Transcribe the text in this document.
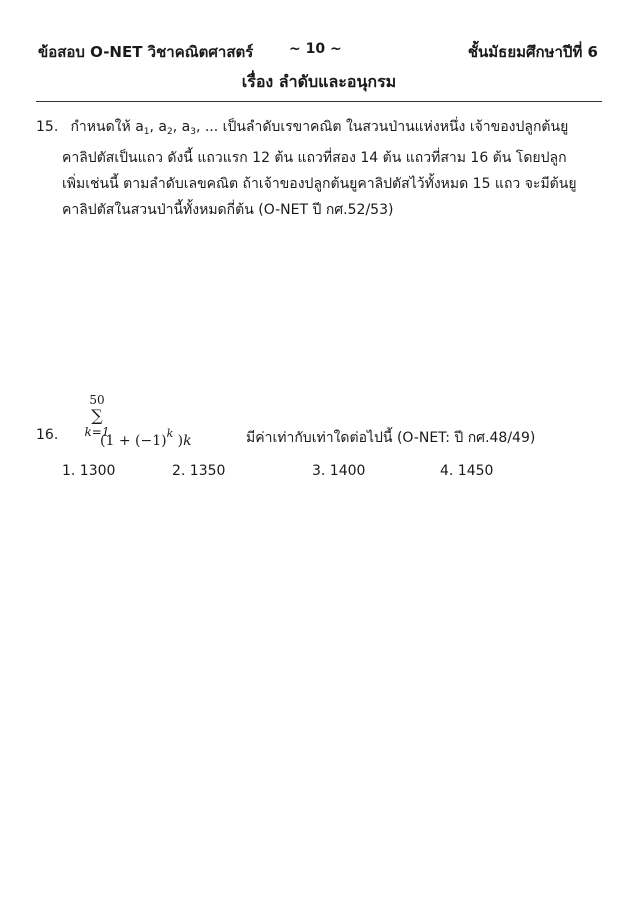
ข้อสอบ O-NET วิชาคณิตศาสตร์	~ 10 ~	ชั้นมัธยมศึกษาปีที่ 6
เรื่อง ลำดับและอนุกรม
15. กำหนดให้ $a_1$, $a_2$, $a_3$, ... เป็นลำดับเรขาคณิต ในสวนป่านแห่งหนึ่ง เจ้าของปลูกต้นยู
คาลิปตัสเป็นแถว ดังนี้ แถวแรก 12 ต้น แถวที่สอง 14 ต้น แถวที่สาม 16 ต้น โดยปลูก
เพิ่มเช่นนี้ ตามลำดับเลขคณิต ถ้าเจ้าของปลูกต้นยูคาลิปตัสไว้ทั้งหมด 15 แถว จะมีต้นยู
คาลิปตัสในสวนป่านี้ทั้งหมดกี่ต้น (O-NET ปี กศ.52/53)
50
∑
k=1
16.	($1 + (-1)^k$ )k	มีค่าเท่ากับเท่าใดต่อไปนี้ (O-NET: ปี กศ.48/49)
1. 1300	2. 1350	3. 1400	4. 1450
